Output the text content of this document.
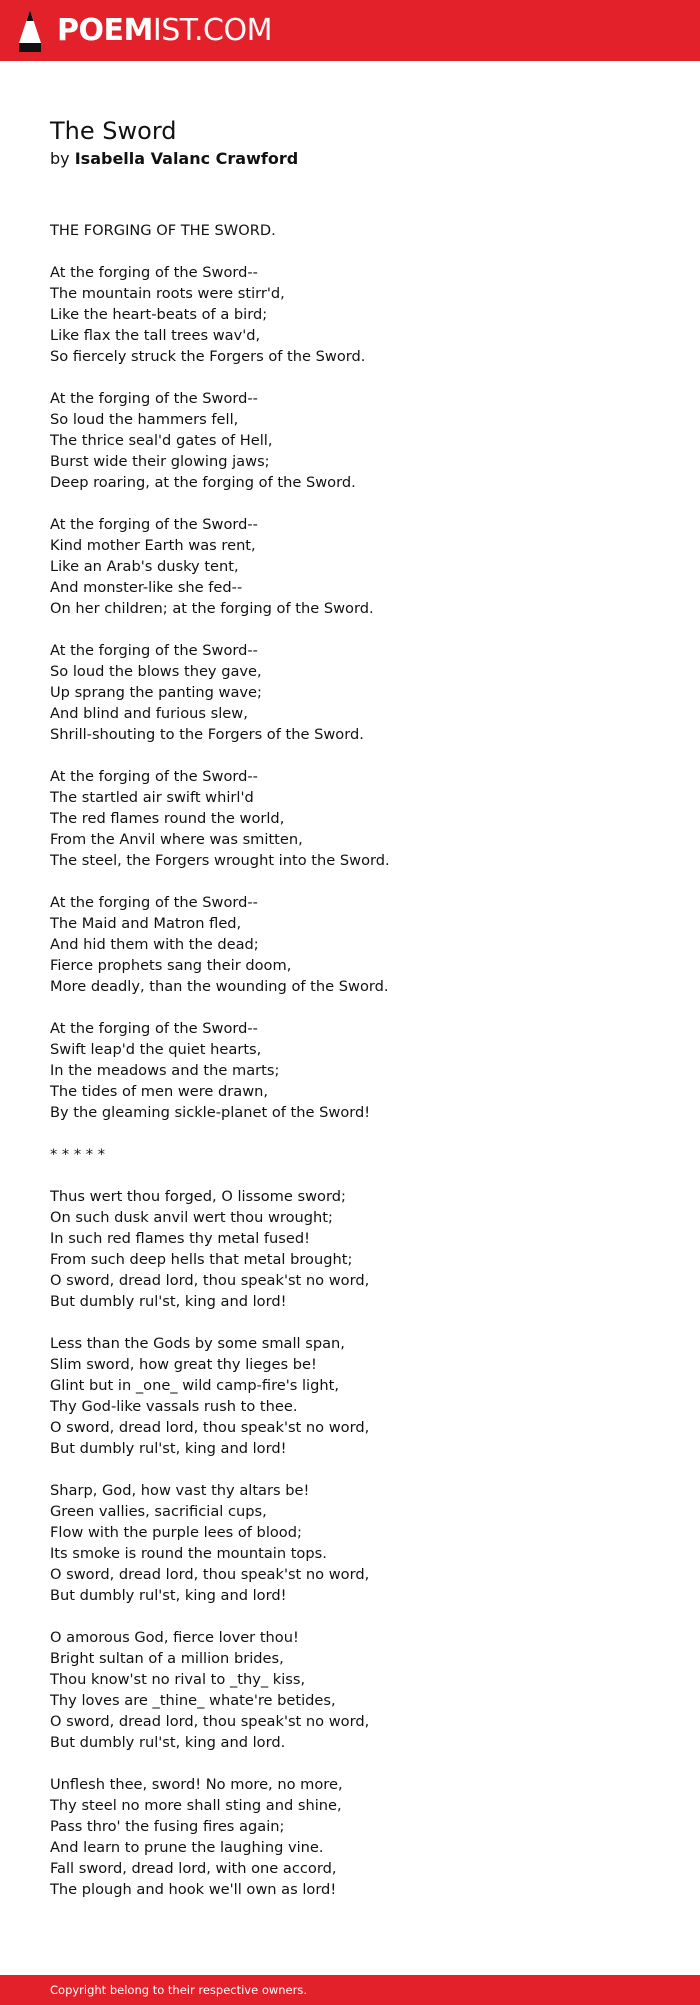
POEMIST.COM
The Sword
by Isabella Valanc Crawford
THE FORGING OF THE SWORD.
At the forging of the Sword--
The mountain roots were stirr'd,
Like the heart-beats of a bird;
Like flax the tall trees wav'd,
So fiercely struck the Forgers of the Sword.
At the forging of the Sword--
So loud the hammers fell,
The thrice seal'd gates of Hell,
Burst wide their glowing jaws;
Deep roaring, at the forging of the Sword.
At the forging of the Sword--
Kind mother Earth was rent,
Like an Arab's dusky tent,
And monster-like she fed--
On her children; at the forging of the Sword.
At the forging of the Sword--
So loud the blows they gave,
Up sprang the panting wave;
And blind and furious slew,
Shrill-shouting to the Forgers of the Sword.
At the forging of the Sword--
The startled air swift whirl'd
The red flames round the world,
From the Anvil where was smitten,
The steel, the Forgers wrought into the Sword.
At the forging of the Sword--
The Maid and Matron fled,
And hid them with the dead;
Fierce prophets sang their doom,
More deadly, than the wounding of the Sword.
At the forging of the Sword--
Swift leap'd the quiet hearts,
In the meadows and the marts;
The tides of men were drawn,
By the gleaming sickle-planet of the Sword!
* * * * *
Thus wert thou forged, O lissome sword;
On such dusk anvil wert thou wrought;
In such red flames thy metal fused!
From such deep hells that metal brought;
O sword, dread lord, thou speak'st no word,
But dumbly rul'st, king and lord!
Less than the Gods by some small span,
Slim sword, how great thy lieges be!
Glint but in _one_ wild camp-fire's light,
Thy God-like vassals rush to thee.
O sword, dread lord, thou speak'st no word,
But dumbly rul'st, king and lord!
Sharp, God, how vast thy altars be!
Green vallies, sacrificial cups,
Flow with the purple lees of blood;
Its smoke is round the mountain tops.
O sword, dread lord, thou speak'st no word,
But dumbly rul'st, king and lord!
O amorous God, fierce lover thou!
Bright sultan of a million brides,
Thou know'st no rival to _thy_ kiss,
Thy loves are _thine_ whate're betides,
O sword, dread lord, thou speak'st no word,
But dumbly rul'st, king and lord.
Unflesh thee, sword! No more, no more,
Thy steel no more shall sting and shine,
Pass thro' the fusing fires again;
And learn to prune the laughing vine.
Fall sword, dread lord, with one accord,
The plough and hook we'll own as lord!
Copyright belong to their respective owners.
